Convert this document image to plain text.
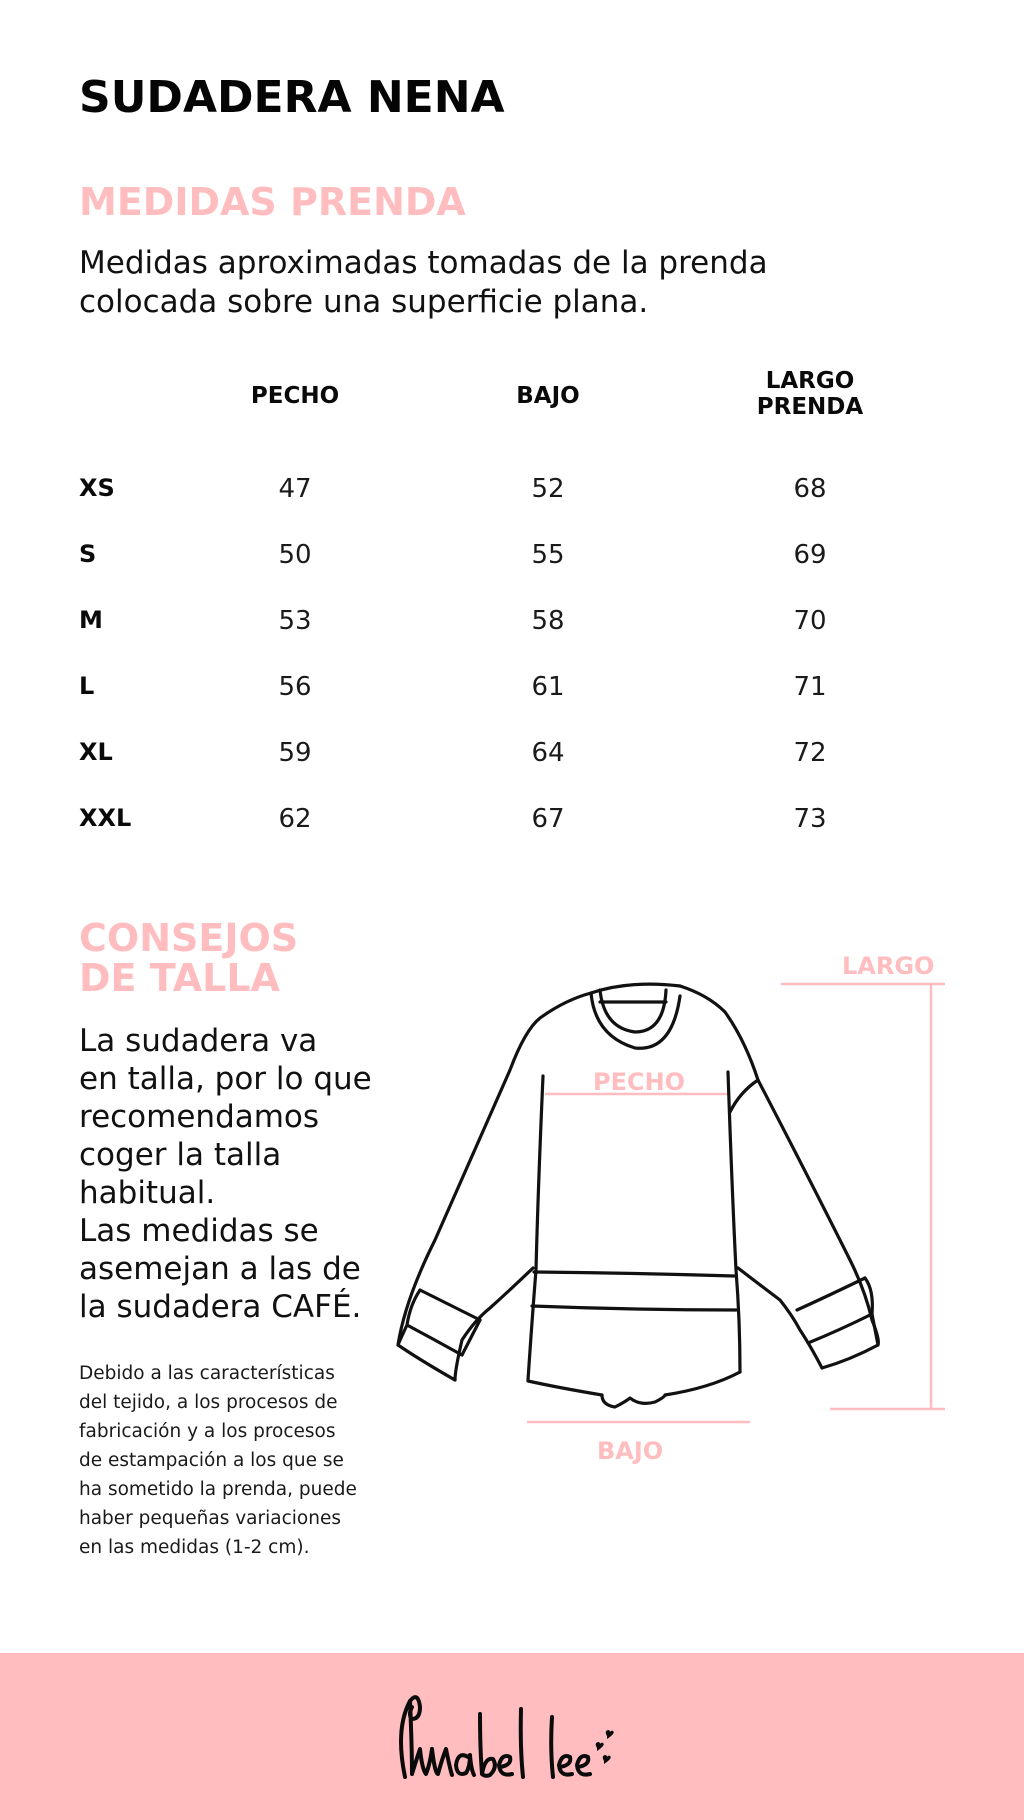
SUDADERA NENA
MEDIDAS PRENDA
Medidas aproximadas tomadas de la prenda
colocada sobre una superficie plana.
PECHO	BAJO
LARGO
PRENDA
XS	47	52	68
S	50	55	69
M	53	58	70
L	56	61	71
XL	59	64	72
XXL	62	67	73
CONSEJOS
DE TALLA
La sudadera va
en talla, por lo que
recomendamos
coger la talla
habitual.
Las medidas se
asemejan a las de
la sudadera CAFÉ.
Debido a las características
del tejido, a los procesos de
fabricación y a los procesos
de estampación a los que se
ha sometido la prenda, puede
haber pequeñas variaciones
en las medidas (1-2 cm).
LARGO
PECHO
BAJO
